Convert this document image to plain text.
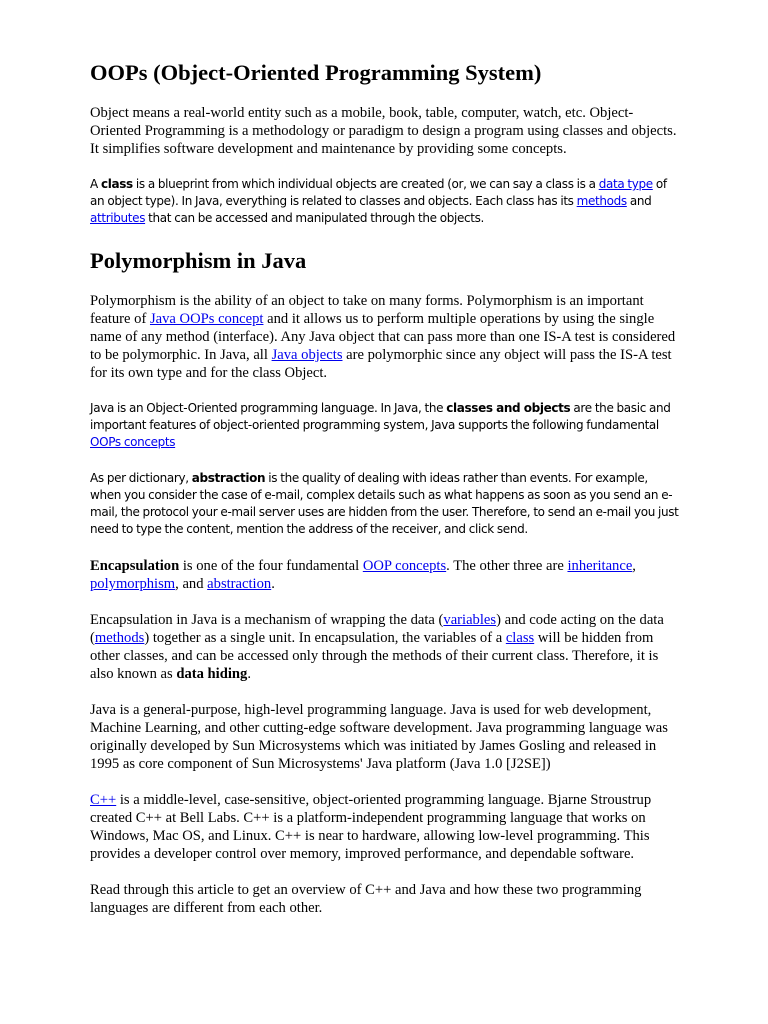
OOPs (Object-Oriented Programming System)

Object means a real-world entity such as a mobile, book, table, computer, watch, etc. Object-Oriented Programming is a methodology or paradigm to design a program using classes and objects. It simplifies software development and maintenance by providing some concepts.

A class is a blueprint from which individual objects are created (or, we can say a class is a data type of an object type). In Java, everything is related to classes and objects. Each class has its methods and attributes that can be accessed and manipulated through the objects.

Polymorphism in Java

Polymorphism is the ability of an object to take on many forms. Polymorphism is an important feature of Java OOPs concept and it allows us to perform multiple operations by using the single name of any method (interface). Any Java object that can pass more than one IS-A test is considered to be polymorphic. In Java, all Java objects are polymorphic since any object will pass the IS-A test for its own type and for the class Object.

Java is an Object-Oriented programming language. In Java, the classes and objects are the basic and important features of object-oriented programming system, Java supports the following fundamental OOPs concepts

As per dictionary, abstraction is the quality of dealing with ideas rather than events. For example, when you consider the case of e-mail, complex details such as what happens as soon as you send an e-mail, the protocol your e-mail server uses are hidden from the user. Therefore, to send an e-mail you just need to type the content, mention the address of the receiver, and click send.

Encapsulation is one of the four fundamental OOP concepts. The other three are inheritance, polymorphism, and abstraction.

Encapsulation in Java is a mechanism of wrapping the data (variables) and code acting on the data (methods) together as a single unit. In encapsulation, the variables of a class will be hidden from other classes, and can be accessed only through the methods of their current class. Therefore, it is also known as data hiding.

Java is a general-purpose, high-level programming language. Java is used for web development, Machine Learning, and other cutting-edge software development. Java programming language was originally developed by Sun Microsystems which was initiated by James Gosling and released in 1995 as core component of Sun Microsystems' Java platform (Java 1.0 [J2SE])

C++ is a middle-level, case-sensitive, object-oriented programming language. Bjarne Stroustrup created C++ at Bell Labs. C++ is a platform-independent programming language that works on Windows, Mac OS, and Linux. C++ is near to hardware, allowing low-level programming. This provides a developer control over memory, improved performance, and dependable software.

Read through this article to get an overview of C++ and Java and how these two programming languages are different from each other.
